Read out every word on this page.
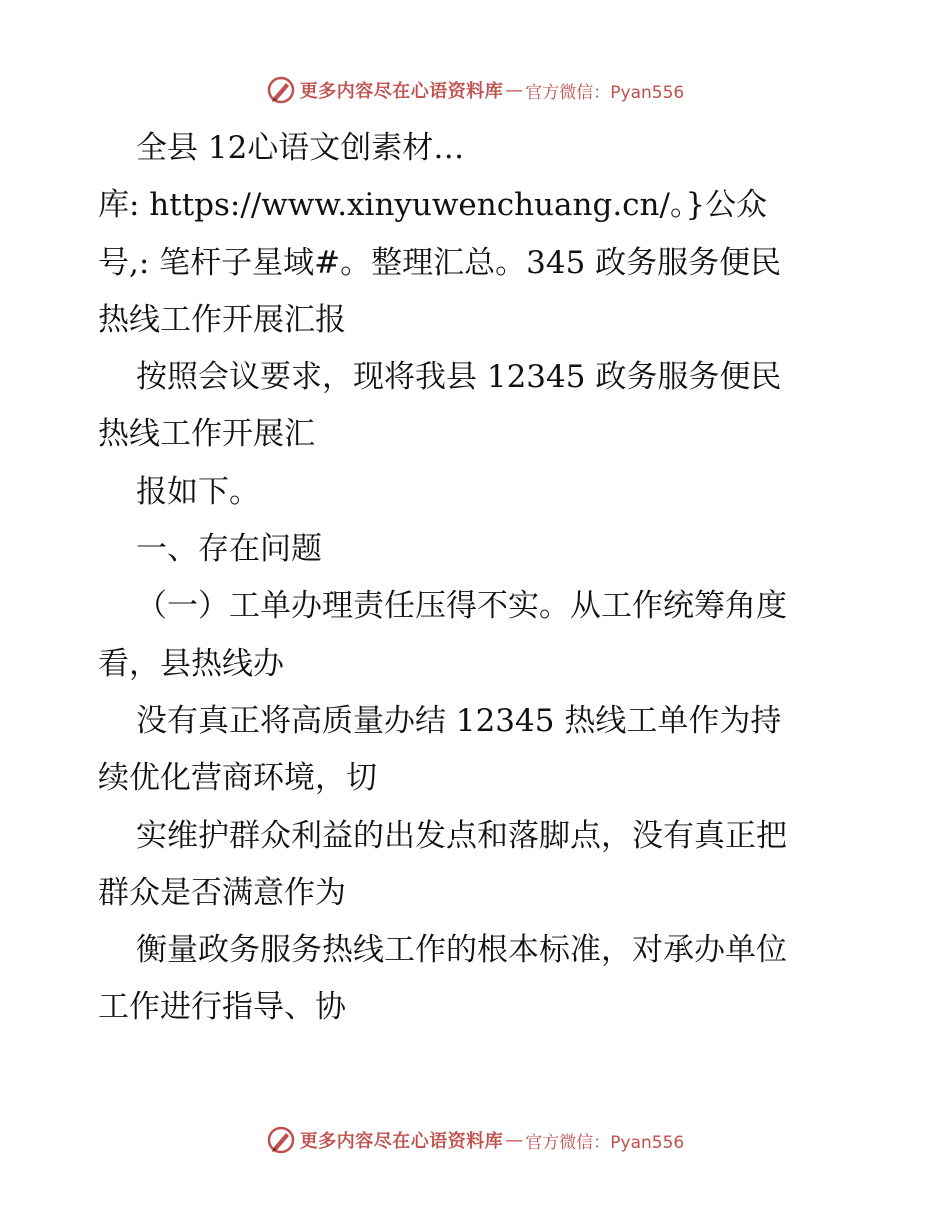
更多内容尽在心语资料库 — 官方微信：Pyan556
全县 12心语文创素材…
库: https://www.xinyuwenchuang.cn/。}公众
号,: 笔杆子星域#。整理汇总。345 政务服务便民
热线工作开展汇报
按照会议要求，现将我县 12345 政务服务便民
热线工作开展汇
报如下。
一、存在问题
（一）工单办理责任压得不实。从工作统筹角度
看，县热线办
没有真正将高质量办结 12345 热线工单作为持
续优化营商环境，切
实维护群众利益的出发点和落脚点，没有真正把
群众是否满意作为
衡量政务服务热线工作的根本标准，对承办单位
工作进行指导、协
更多内容尽在心语资料库 — 官方微信：Pyan556
